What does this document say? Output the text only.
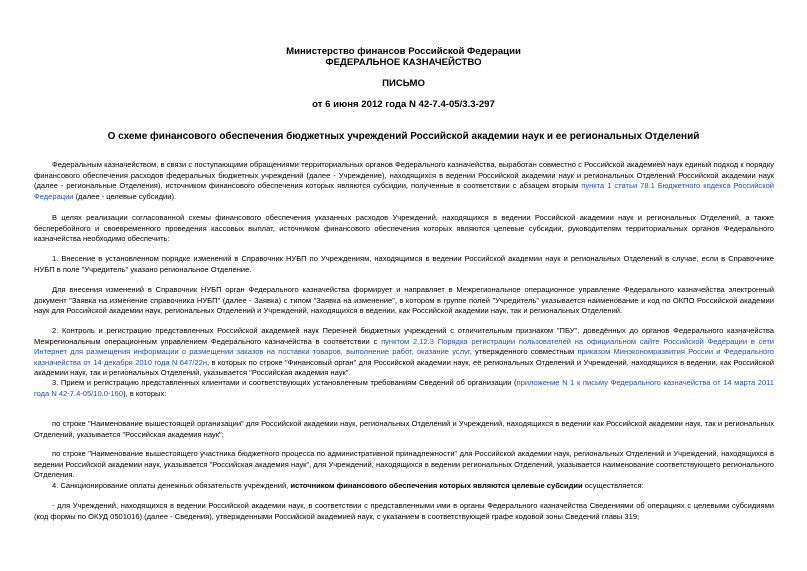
Министерство финансов Российской Федерации
ФЕДЕРАЛЬНОЕ КАЗНАЧЕЙСТВО
ПИСЬМО
от 6 июня 2012 года N 42-7.4-05/3.3-297
О схеме финансового обеспечения бюджетных учреждений Российской академии наук и ее региональных Отделений

Федеральным казначейством, в связи с поступающими обращениями территориальных органов Федерального казначейства, выработан совместно с Российской академией наук единый подход к порядку финансового обеспечения расходов федеральных бюджетных учреждений (далее - Учреждение), находящихся в ведении Российской академии наук и региональных Отделений Российской академии наук (далее - региональные Отделения), источником финансового обеспечения которых являются субсидии, полученные в соответствии с абзацем вторым пункта 1 статьи 78.1 Бюджетного кодекса Российской Федерации (далее - целевые субсидии).

В целях реализации согласованной схемы финансового обеспечения указанных расходов Учреждений, находящихся в ведении Российской академии наук и региональных Отделений, а также бесперебойного и своевременного проведения кассовых выплат, источником финансового обеспечения которых являются целевые субсидии, руководителям территориальных органов Федерального казначейства необходимо обеспечить:

1. Внесение в установленном порядке изменений в Справочник НУБП по Учреждениям, находящимся в ведении Российской академии наук и региональных Отделений в случае, если в Справочнике НУБП в поле "Учредитель" указано региональное Отделение.

Для внесения изменений в Справочник НУБП орган Федерального казначейства формирует и направляет в Межрегиональное операционное управление Федерального казначейства электронный документ "Заявка на изменение справочника НУБП" (далее - Заявка) с типом "Заявка на изменение", в котором в группе полей "Учредитель" указывается наименование и код по ОКПО Российской академии наук для Российской академии наук, региональных Отделений и Учреждений, находящихся в ведении, как Российской академии наук, так и региональных Отделений.

2. Контроль и регистрацию представленных Российской академией наук Перечней бюджетных учреждений с отличительным признаком "ПБУ", доведённых до органов Федерального казначейства Межрегиональным операционным управлением Федерального казначейства в соответствии с пунктом 2.12.3 Порядка регистрации пользователей на официальном сайте Российской Федерации в сети Интернет для размещения информации о размещении заказов на поставки товаров, выполнение работ, оказание услуг, утвержденного совместным приказом Минэкономразвития России и Федерального казначейства от 14 декабря 2010 года N 647/22н, в которых по строке "Финансовый орган" для Российской академии наук, её региональных Отделений и Учреждений, находящихся в ведении, как Российской академии наук, так и региональных Отделений, указывается "Российская академия наук".

3. Прием и регистрацию представленных клиентами и соответствующих установленным требованиям Сведений об организации (приложение N 1 к письму Федерального казначейства от 14 марта 2011 года N 42-7.4-05/10.0-160), в которых:

по строке "Наименование вышестоящей организации" для Российской академии наук, региональных Отделений и Учреждений, находящихся в ведении как Российской академии наук, так и региональных Отделений, указывается "Российская академия наук";

по строке "Наименование вышестоящего участника бюджетного процесса по административной принадлежности" для Российской академии наук, региональных Отделений и Учреждений, находящихся в ведении Российской академии наук, указывается "Российская академия наук", для Учреждений, находящихся в ведении региональных Отделений, указывается наименование соответствующего регионального Отделения.

4. Санкционирование оплаты денежных обязательств учреждений, источником финансового обеспечения которых являются целевые субсидии осуществляется:

- для Учреждений, находящихся в ведении Российской академии наук, в соответствии с представленными ими в органы Федерального казначейства Сведениями об операциях с целевыми субсидиями (код формы по ОКУД 0501016) (далее - Сведения), утвержденными Российской академией наук, с указанием в соответствующей графе кодовой зоны Сведений главы 319;
